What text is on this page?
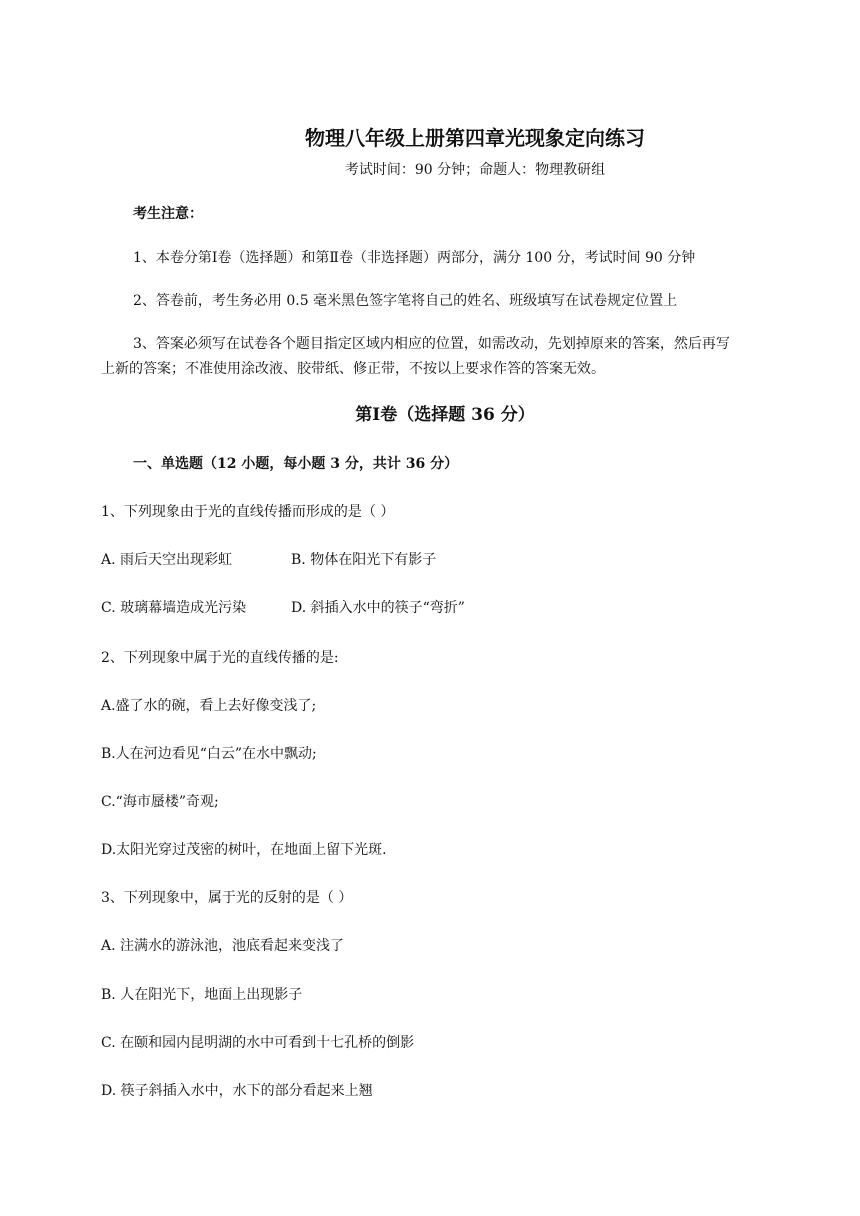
物理八年级上册第四章光现象定向练习
考试时间：90 分钟；命题人：物理教研组
考生注意：
1、本卷分第Ⅰ卷（选择题）和第Ⅱ卷（非选择题）两部分，满分 100 分，考试时间 90 分钟
2、答卷前，考生务必用 0.5 毫米黑色签字笔将自己的姓名、班级填写在试卷规定位置上
3、答案必须写在试卷各个题目指定区域内相应的位置，如需改动，先划掉原来的答案，然后再写
上新的答案；不准使用涂改液、胶带纸、修正带，不按以上要求作答的答案无效。
第Ⅰ卷（选择题 36 分）
一、单选题（12 小题，每小题 3 分，共计 36 分）
1、下列现象由于光的直线传播而形成的是（ ）
A. 雨后天空出现彩虹	B. 物体在阳光下有影子
C. 玻璃幕墙造成光污染	D. 斜插入水中的筷子“弯折”
2、下列现象中属于光的直线传播的是:
A.盛了水的碗，看上去好像变浅了;
B.人在河边看见“白云”在水中飘动;
C.“海市蜃楼”奇观;
D.太阳光穿过茂密的树叶，在地面上留下光斑.
3、下列现象中，属于光的反射的是（ ）
A. 注满水的游泳池，池底看起来变浅了
B. 人在阳光下，地面上出现影子
C. 在颐和园内昆明湖的水中可看到十七孔桥的倒影
D. 筷子斜插入水中，水下的部分看起来上翘
